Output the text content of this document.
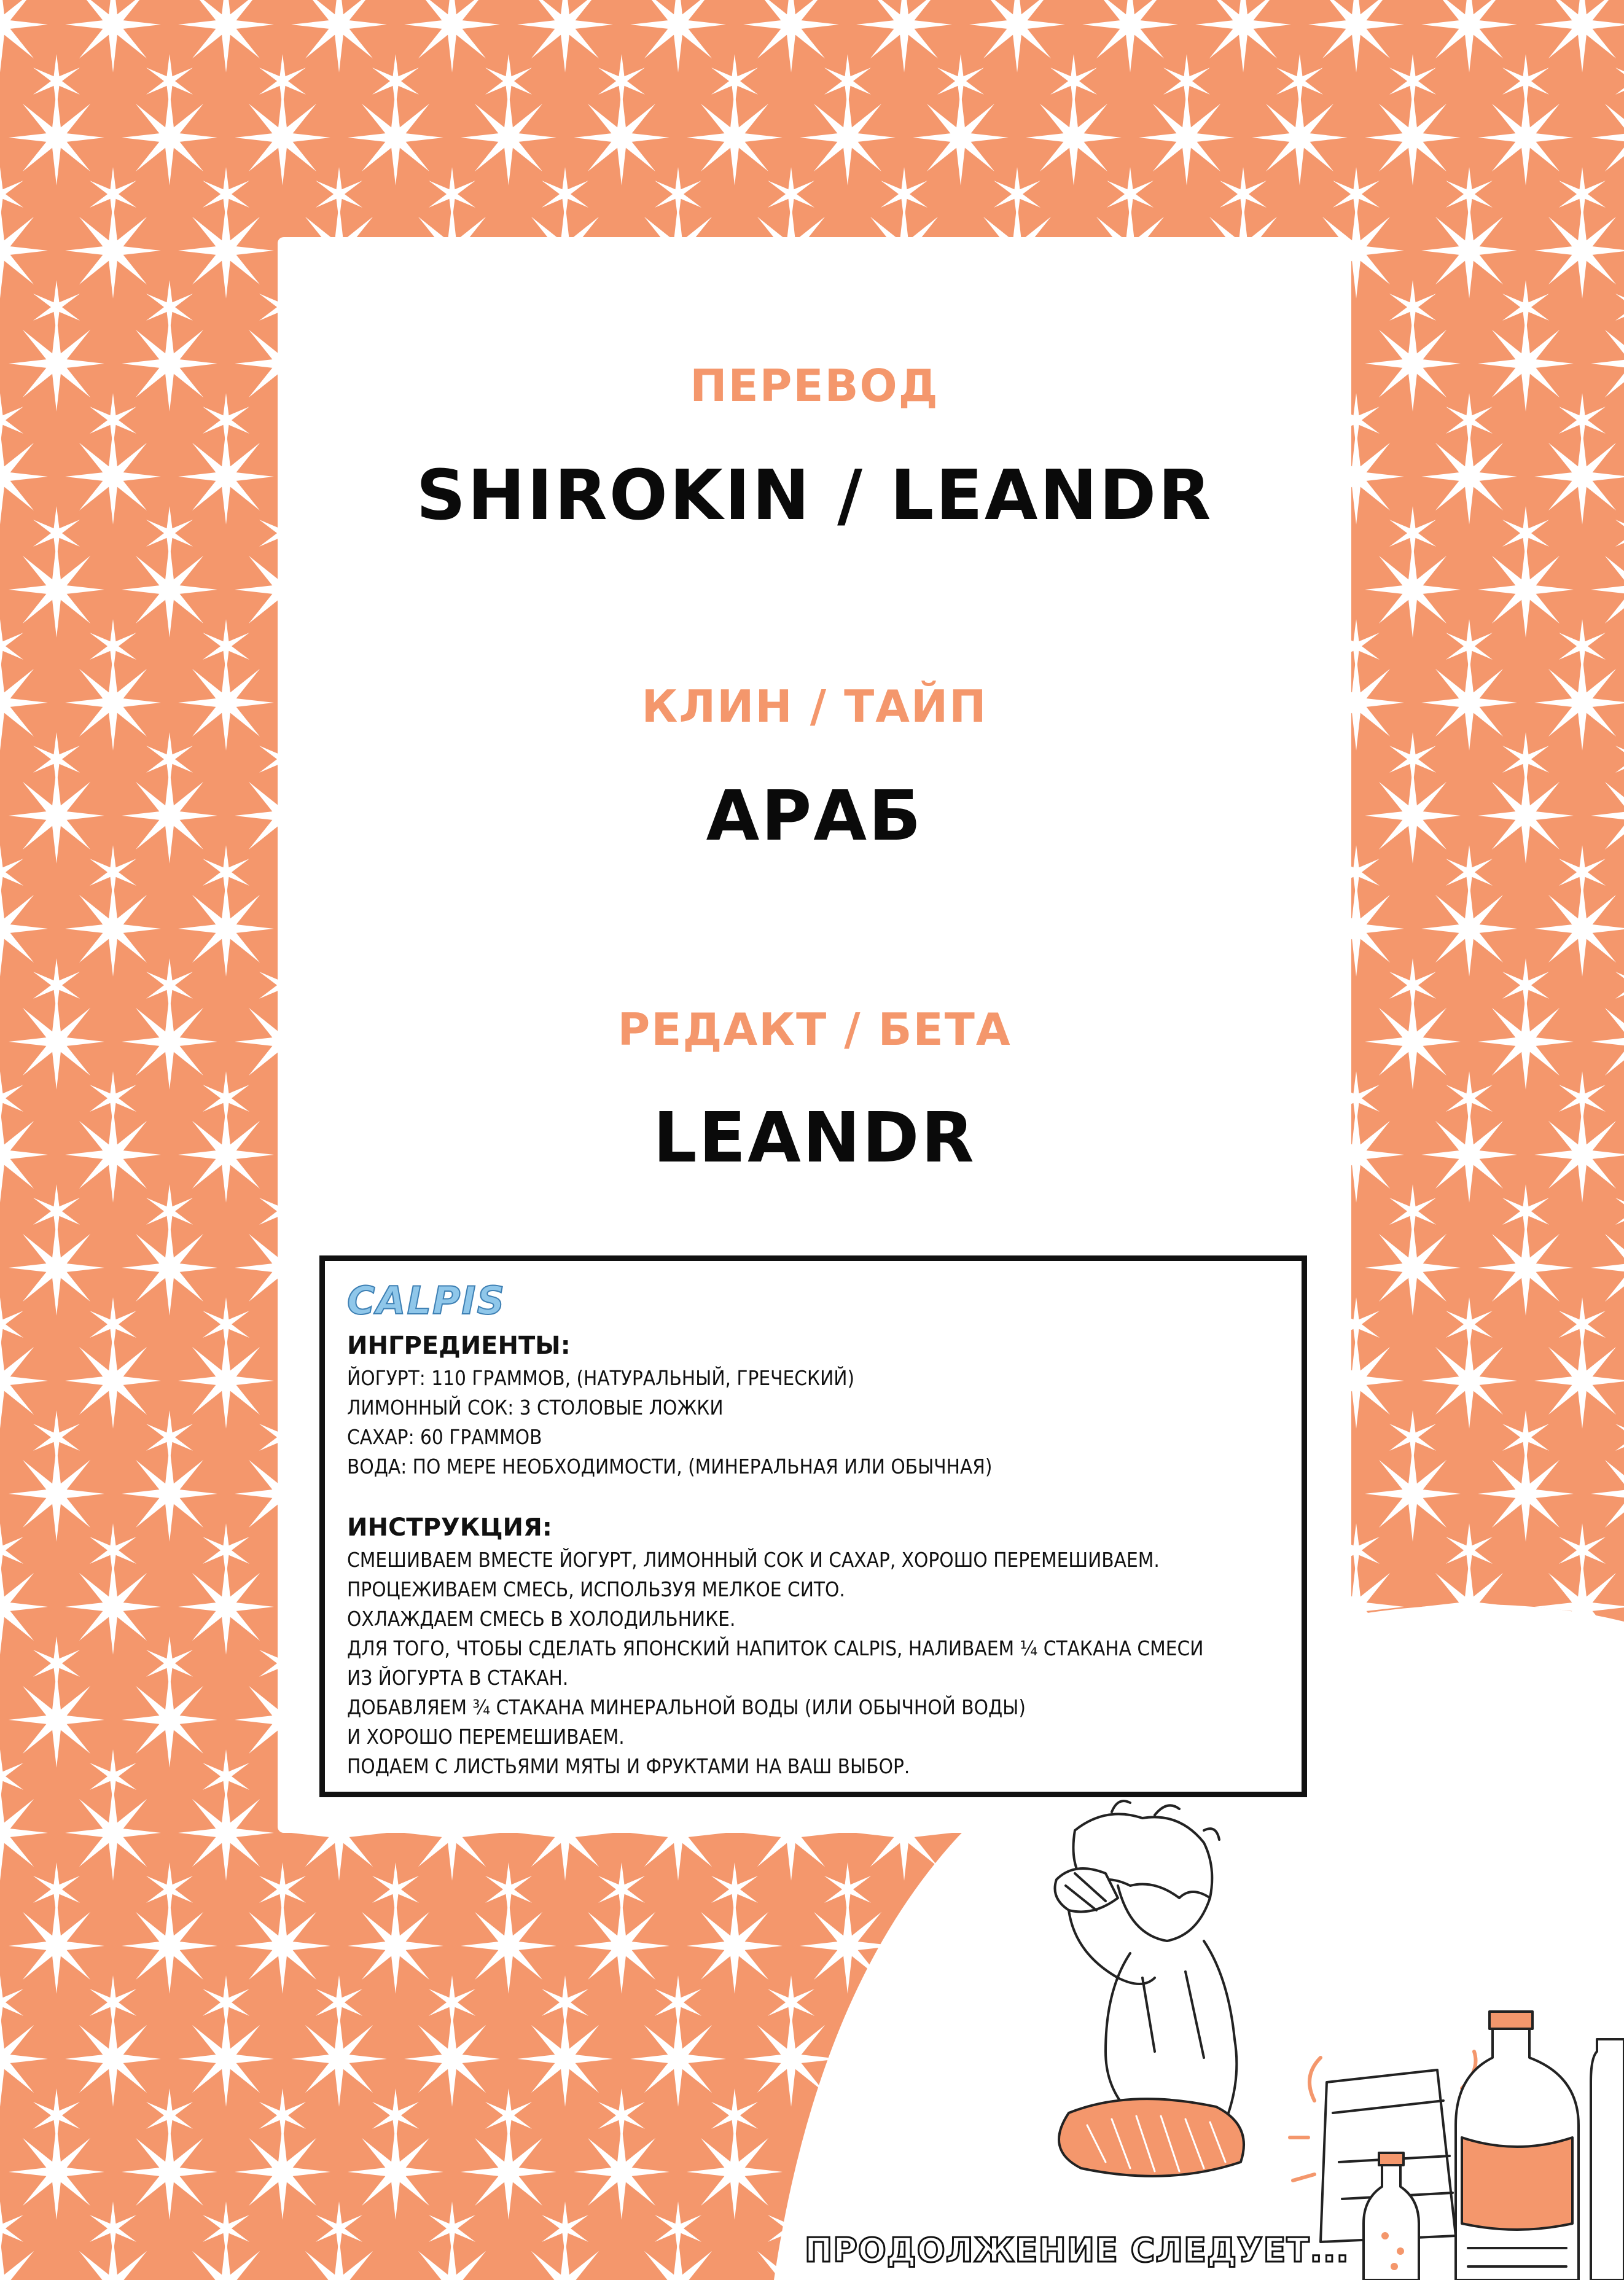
ПЕРЕВОД
SHIROKIN / LEANDR
КЛИН / ТАЙП
АРАБ
РЕДАКТ / БЕТА
LEANDR
CALPIS
ИНГРЕДИЕНТЫ:

ЙОГУРТ: 110 ГРАММОВ, (НАТУРАЛЬНЫЙ, ГРЕЧЕСКИЙ)

ЛИМОННЫЙ СОК: 3 СТОЛОВЫЕ ЛОЖКИ

САХАР: 60 ГРАММОВ

ВОДА: ПО МЕРЕ НЕОБХОДИМОСТИ, (МИНЕРАЛЬНАЯ ИЛИ ОБЫЧНАЯ)

ИНСТРУКЦИЯ:

СМЕШИВАЕМ ВМЕСТЕ ЙОГУРТ, ЛИМОННЫЙ СОК И САХАР, ХОРОШО ПЕРЕМЕШИВАЕМ.

ПРОЦЕЖИВАЕМ СМЕСЬ, ИСПОЛЬЗУЯ МЕЛКОЕ СИТО.

ОХЛАЖДАЕМ СМЕСЬ В ХОЛОДИЛЬНИКЕ.

ДЛЯ ТОГО, ЧТОБЫ СДЕЛАТЬ ЯПОНСКИЙ НАПИТОК CALPIS, НАЛИВАЕМ ¼ СТАКАНА СМЕСИ

ИЗ ЙОГУРТА В СТАКАН.

ДОБАВЛЯЕМ ¾ СТАКАНА МИНЕРАЛЬНОЙ ВОДЫ (ИЛИ ОБЫЧНОЙ ВОДЫ)

И ХОРОШО ПЕРЕМЕШИВАЕМ.

ПОДАЕМ С ЛИСТЬЯМИ МЯТЫ И ФРУКТАМИ НА ВАШ ВЫБОР.

ПРОДОЛЖЕНИЕ СЛЕДУЕТ...
